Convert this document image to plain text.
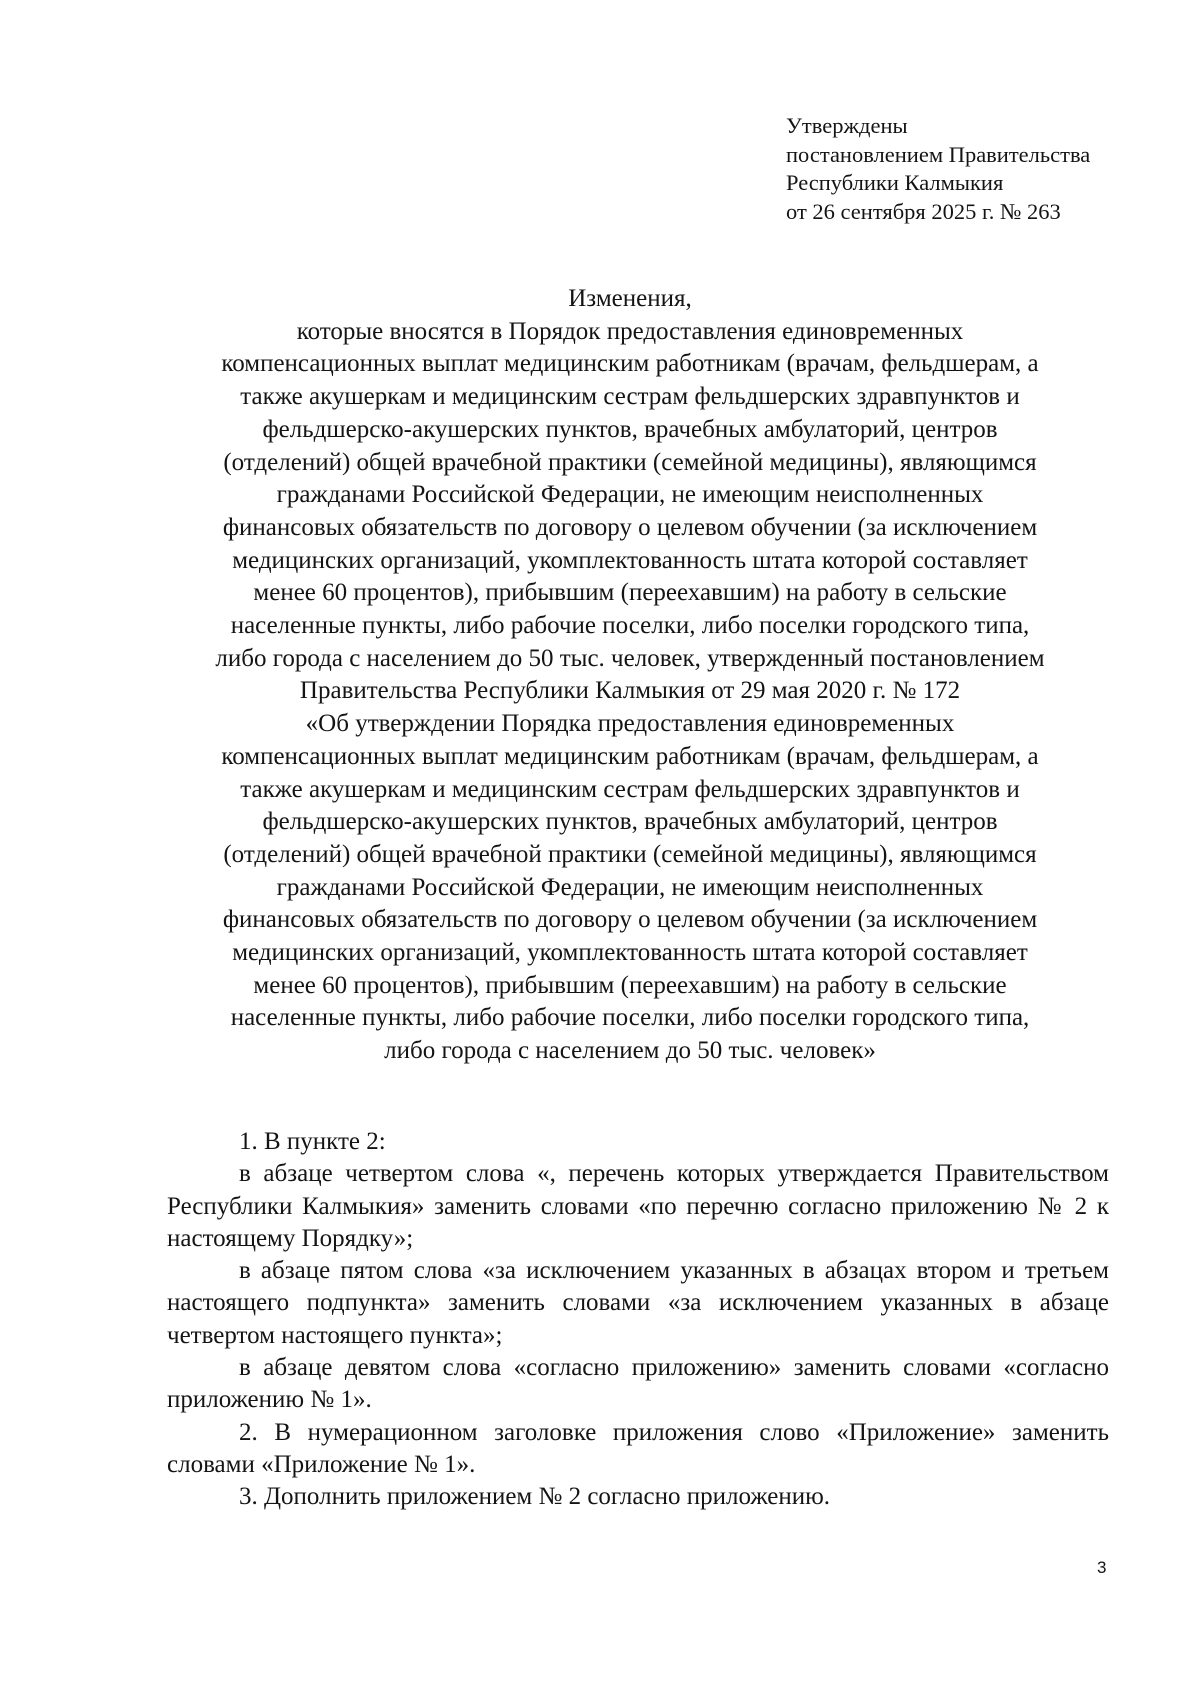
Утверждены
постановлением Правительства
Республики Калмыкия
от 26 сентября 2025 г. № 263
Изменения,
которые вносятся в Порядок предоставления единовременных
компенсационных выплат медицинским работникам (врачам, фельдшерам, а
также акушеркам и медицинским сестрам фельдшерских здравпунктов и
фельдшерско-акушерских пунктов, врачебных амбулаторий, центров
(отделений) общей врачебной практики (семейной медицины), являющимся
гражданами Российской Федерации, не имеющим неисполненных
финансовых обязательств по договору о целевом обучении (за исключением
медицинских организаций, укомплектованность штата которой составляет
менее 60 процентов), прибывшим (переехавшим) на работу в сельские
населенные пункты, либо рабочие поселки, либо поселки городского типа,
либо города с населением до 50 тыс. человек, утвержденный постановлением
Правительства Республики Калмыкия от 29 мая 2020 г. № 172
«Об утверждении Порядка предоставления единовременных
компенсационных выплат медицинским работникам (врачам, фельдшерам, а
также акушеркам и медицинским сестрам фельдшерских здравпунктов и
фельдшерско-акушерских пунктов, врачебных амбулаторий, центров
(отделений) общей врачебной практики (семейной медицины), являющимся
гражданами Российской Федерации, не имеющим неисполненных
финансовых обязательств по договору о целевом обучении (за исключением
медицинских организаций, укомплектованность штата которой составляет
менее 60 процентов), прибывшим (переехавшим) на работу в сельские
населенные пункты, либо рабочие поселки, либо поселки городского типа,
либо города с населением до 50 тыс. человек»

1. В пункте 2:

в абзаце четвертом слова «, перечень которых утверждается Правительством Республики Калмыкия» заменить словами «по перечню согласно приложению № 2 к настоящему Порядку»;

в абзаце пятом слова «за исключением указанных в абзацах втором и третьем настоящего подпункта» заменить словами «за исключением указанных в абзаце четвертом настоящего пункта»;

в абзаце девятом слова «согласно приложению» заменить словами «согласно приложению № 1».

2. В нумерационном заголовке приложения слово «Приложение» заменить словами «Приложение № 1».

3. Дополнить приложением № 2 согласно приложению.

3
